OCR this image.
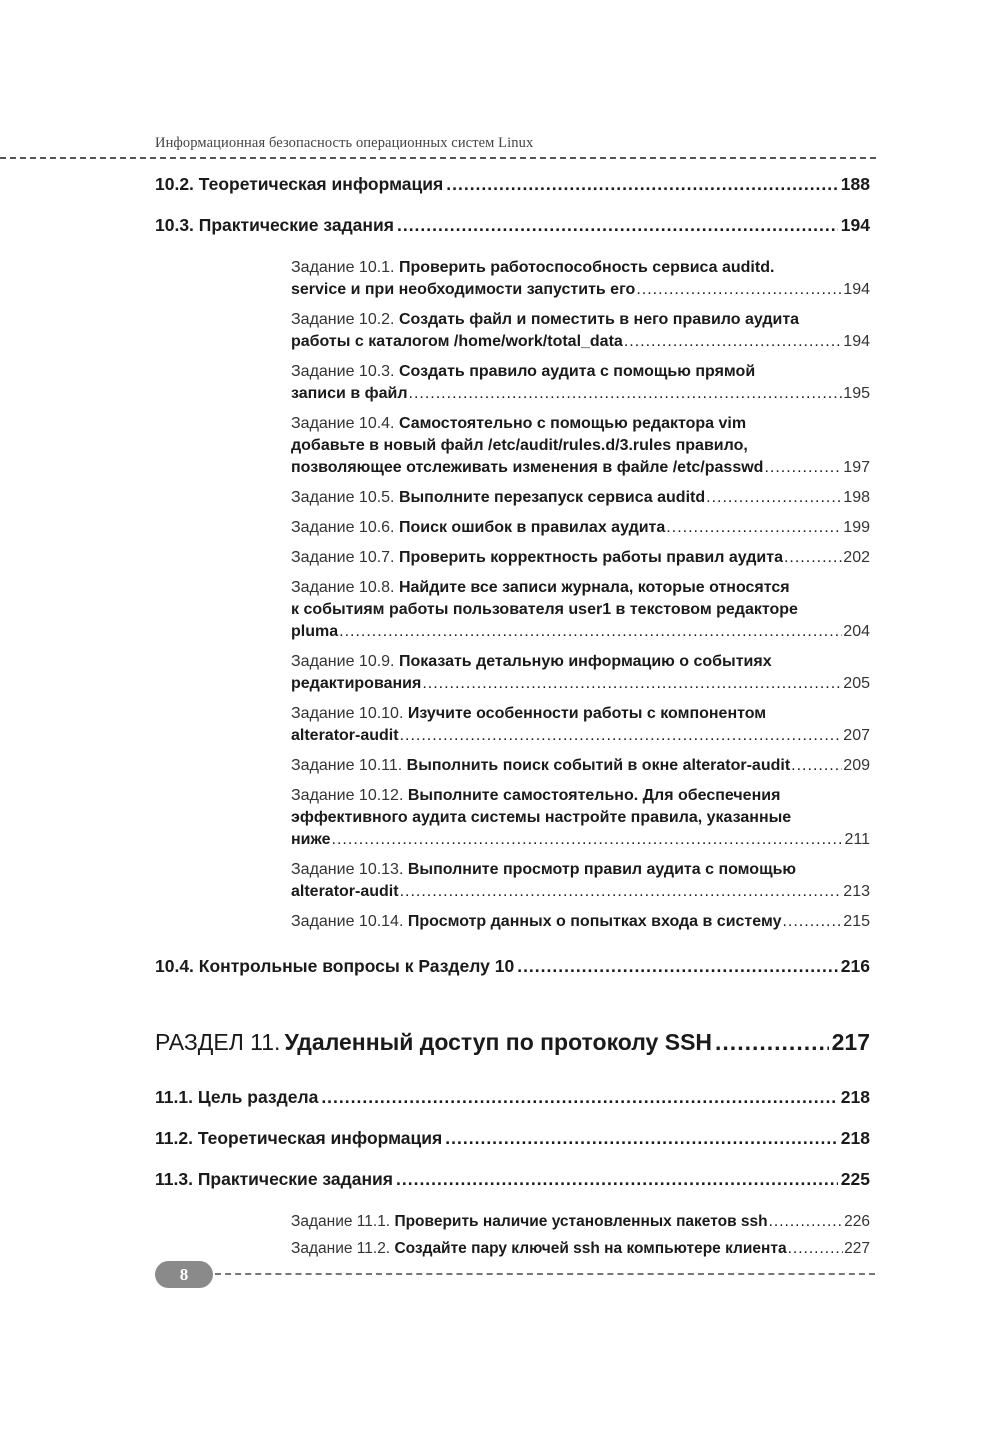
Информационная безопасность операционных систем Linux
10.2. Теоретическая информация .....	188
10.3. Практические задания .....	194
Задание 10.1. Проверить работоспособность сервиса auditd.
service и при необходимости запустить его .....	194
Задание 10.2. Создать файл и поместить в него правило аудита
работы с каталогом /home/work/total_data .....	194
Задание 10.3. Создать правило аудита с помощью прямой
записи в файл .....	195
Задание 10.4. Самостоятельно с помощью редактора vim
добавьте в новый файл /etc/audit/rules.d/3.rules правило,
позволяющее отслеживать изменения в файле /etc/passwd .....	197
Задание 10.5. Выполните перезапуск сервиса auditd .....	198
Задание 10.6. Поиск ошибок в правилах аудита .....	199
Задание 10.7. Проверить корректность работы правил аудита .....	202
Задание 10.8. Найдите все записи журнала, которые относятся
к событиям работы пользователя user1 в текстовом редакторе
pluma .....	204
Задание 10.9. Показать детальную информацию о событиях
редактирования .....	205
Задание 10.10. Изучите особенности работы с компонентом
alterator-audit .....	207
Задание 10.11. Выполнить поиск событий в окне alterator-audit .....	209
Задание 10.12. Выполните самостоятельно. Для обеспечения
эффективного аудита системы настройте правила, указанные
ниже .....	211
Задание 10.13. Выполните просмотр правил аудита с помощью
alterator-audit .....	213
Задание 10.14. Просмотр данных о попытках входа в систему .....	215
10.4. Контрольные вопросы к Разделу 10 .....	216
РАЗДЕЛ 11. Удаленный доступ по протоколу SSH .....	217
11.1. Цель раздела .....	218
11.2. Теоретическая информация .....	218
11.3. Практические задания .....	225
Задание 11.1. Проверить наличие установленных пакетов ssh .....	226
Задание 11.2. Создайте пару ключей ssh на компьютере клиента .....	227
8
